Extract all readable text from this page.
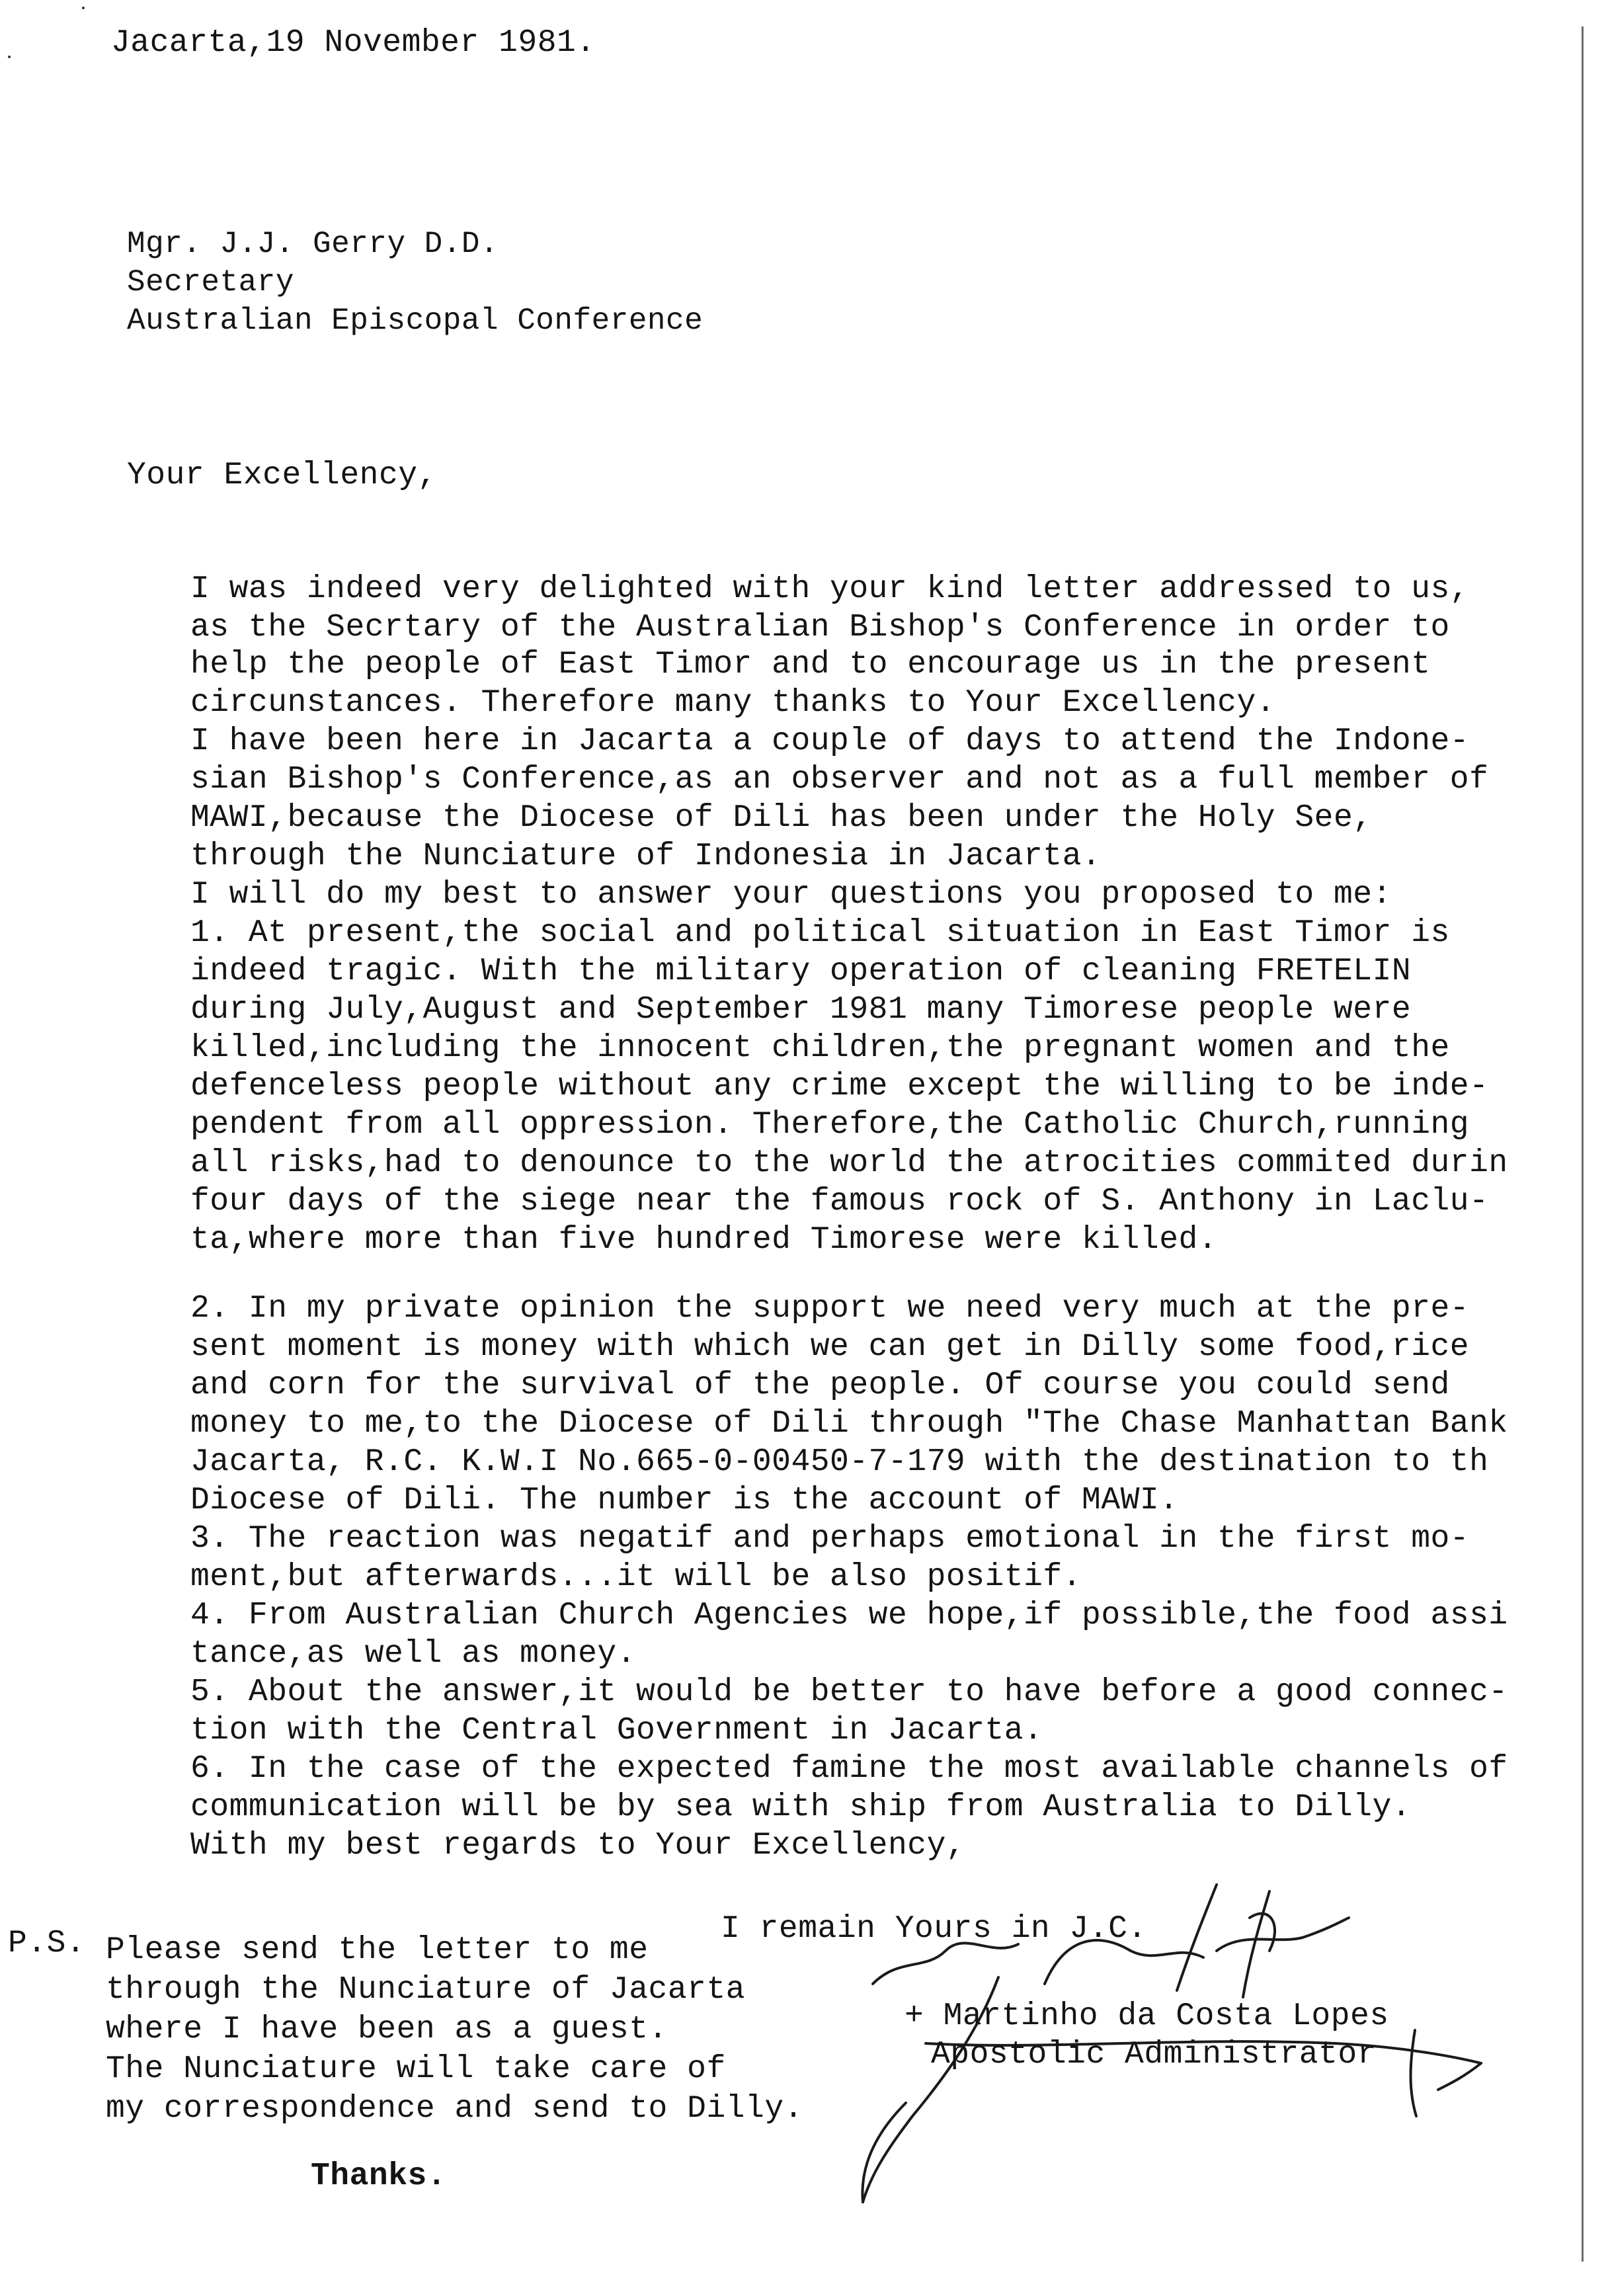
Jacarta,19 November 1981.
Mgr. J.J. Gerry D.D.
Secretary
Australian Episcopal Conference
Your Excellency,
I was indeed very delighted with your kind letter addressed to us,
as the Secrtary of the Australian Bishop's Conference in order to
help the people of East Timor and to encourage us in the present
circunstances. Therefore many thanks to Your Excellency.
I have been here in Jacarta a couple of days to attend the Indone-
sian Bishop's Conference,as an observer and not as a full member of
MAWI,because the Diocese of Dili has been under the Holy See,
through the Nunciature of Indonesia in Jacarta.
I will do my best to answer your questions you proposed to me:
1. At present,the social and political situation in East Timor is
indeed tragic. With the military operation of cleaning FRETELIN
during July,August and September 1981 many Timorese people were
killed,including the innocent children,the pregnant women and the
defenceless people without any crime except the willing to be inde-
pendent from all oppression. Therefore,the Catholic Church,running
all risks,had to denounce to the world the atrocities commited durin
four days of the siege near the famous rock of S. Anthony in Laclu-
ta,where more than five hundred Timorese were killed.
2. In my private opinion the support we need very much at the pre-
sent moment is money with which we can get in Dilly some food,rice
and corn for the survival of the people. Of course you could send
money to me,to the Diocese of Dili through "The Chase Manhattan Bank
Jacarta, R.C. K.W.I No.665-0-00450-7-179 with the destination to th
Diocese of Dili. The number is the account of MAWI.
3. The reaction was negatif and perhaps emotional in the first mo-
ment,but afterwards...it will be also positif.
4. From Australian Church Agencies we hope,if possible,the food assi
tance,as well as money.
5. About the answer,it would be better to have before a good connec-
tion with the Central Government in Jacarta.
6. In the case of the expected famine the most available channels of
communication will be by sea with ship from Australia to Dilly.
With my best regards to Your Excellency,
I remain Yours in J.C.
+ Martinho da Costa Lopes
Apostolic Administrator
P.S. Please send the letter to me
through the Nunciature of Jacarta
where I have been as a guest.
The Nunciature will take care of
my correspondence and send to Dilly.
Thanks.
